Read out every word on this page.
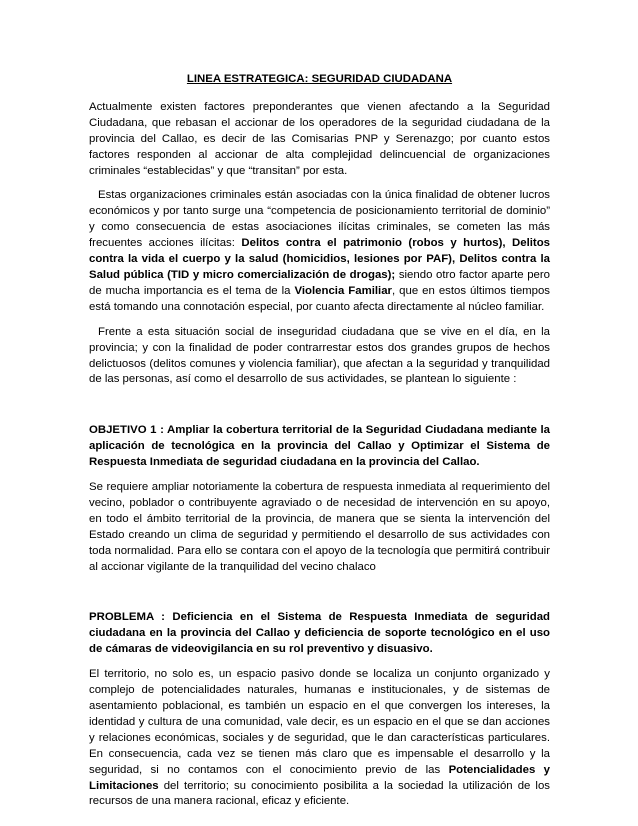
LINEA ESTRATEGICA: SEGURIDAD CIUDADANA

Actualmente existen factores preponderantes que vienen afectando a la Seguridad Ciudadana, que rebasan el accionar de los operadores de la seguridad ciudadana de la provincia del Callao, es decir de las Comisarias PNP y Serenazgo; por cuanto estos factores responden al accionar de alta complejidad delincuencial de organizaciones criminales “establecidas” y que “transitan” por esta.

Estas organizaciones criminales están asociadas con la única finalidad de obtener lucros económicos y por tanto surge una “competencia de posicionamiento territorial de dominio” y como consecuencia de estas asociaciones ilícitas criminales, se cometen las más frecuentes acciones ilícitas: Delitos contra el patrimonio (robos y hurtos), Delitos contra la vida el cuerpo y la salud (homicidios, lesiones por PAF), Delitos contra la Salud pública (TID y micro comercialización de drogas); siendo otro factor aparte pero de mucha importancia es el tema de la Violencia Familiar, que en estos últimos tiempos está tomando una connotación especial, por cuanto afecta directamente al núcleo familiar.

Frente a esta situación social de inseguridad ciudadana que se vive en el día, en la provincia; y con la finalidad de poder contrarrestar estos dos grandes grupos de hechos delictuosos (delitos comunes y violencia familiar), que afectan a la seguridad y tranquilidad de las personas, así como el desarrollo de sus actividades, se plantean lo siguiente :

OBJETIVO 1 : Ampliar la cobertura territorial de la Seguridad Ciudadana mediante la aplicación de tecnológica en la provincia del Callao y Optimizar el Sistema de Respuesta Inmediata de seguridad ciudadana en la provincia del Callao.

Se requiere ampliar notoriamente la cobertura de respuesta inmediata al requerimiento del vecino, poblador o contribuyente agraviado o de necesidad de intervención en su apoyo, en todo el ámbito territorial de la provincia, de manera que se sienta la intervención del Estado creando un clima de seguridad y permitiendo el desarrollo de sus actividades con toda normalidad. Para ello se contara con el apoyo de la tecnología que permitirá contribuir al accionar vigilante de la tranquilidad del vecino chalaco

PROBLEMA : Deficiencia en el Sistema de Respuesta Inmediata de seguridad ciudadana en la provincia del Callao y deficiencia de soporte tecnológico en el uso de cámaras de videovigilancia en su rol preventivo y disuasivo.

El territorio, no solo es, un espacio pasivo donde se localiza un conjunto organizado y complejo de potencialidades naturales, humanas e institucionales, y de sistemas de asentamiento poblacional, es también un espacio en el que convergen los intereses, la identidad y cultura de una comunidad, vale decir, es un espacio en el que se dan acciones y relaciones económicas, sociales y de seguridad, que le dan características particulares. En consecuencia, cada vez se tienen más claro que es impensable el desarrollo y la seguridad, si no contamos con el conocimiento previo de las Potencialidades y Limitaciones del territorio; su conocimiento posibilita a la sociedad la utilización de los recursos de una manera racional, eficaz y eficiente.
